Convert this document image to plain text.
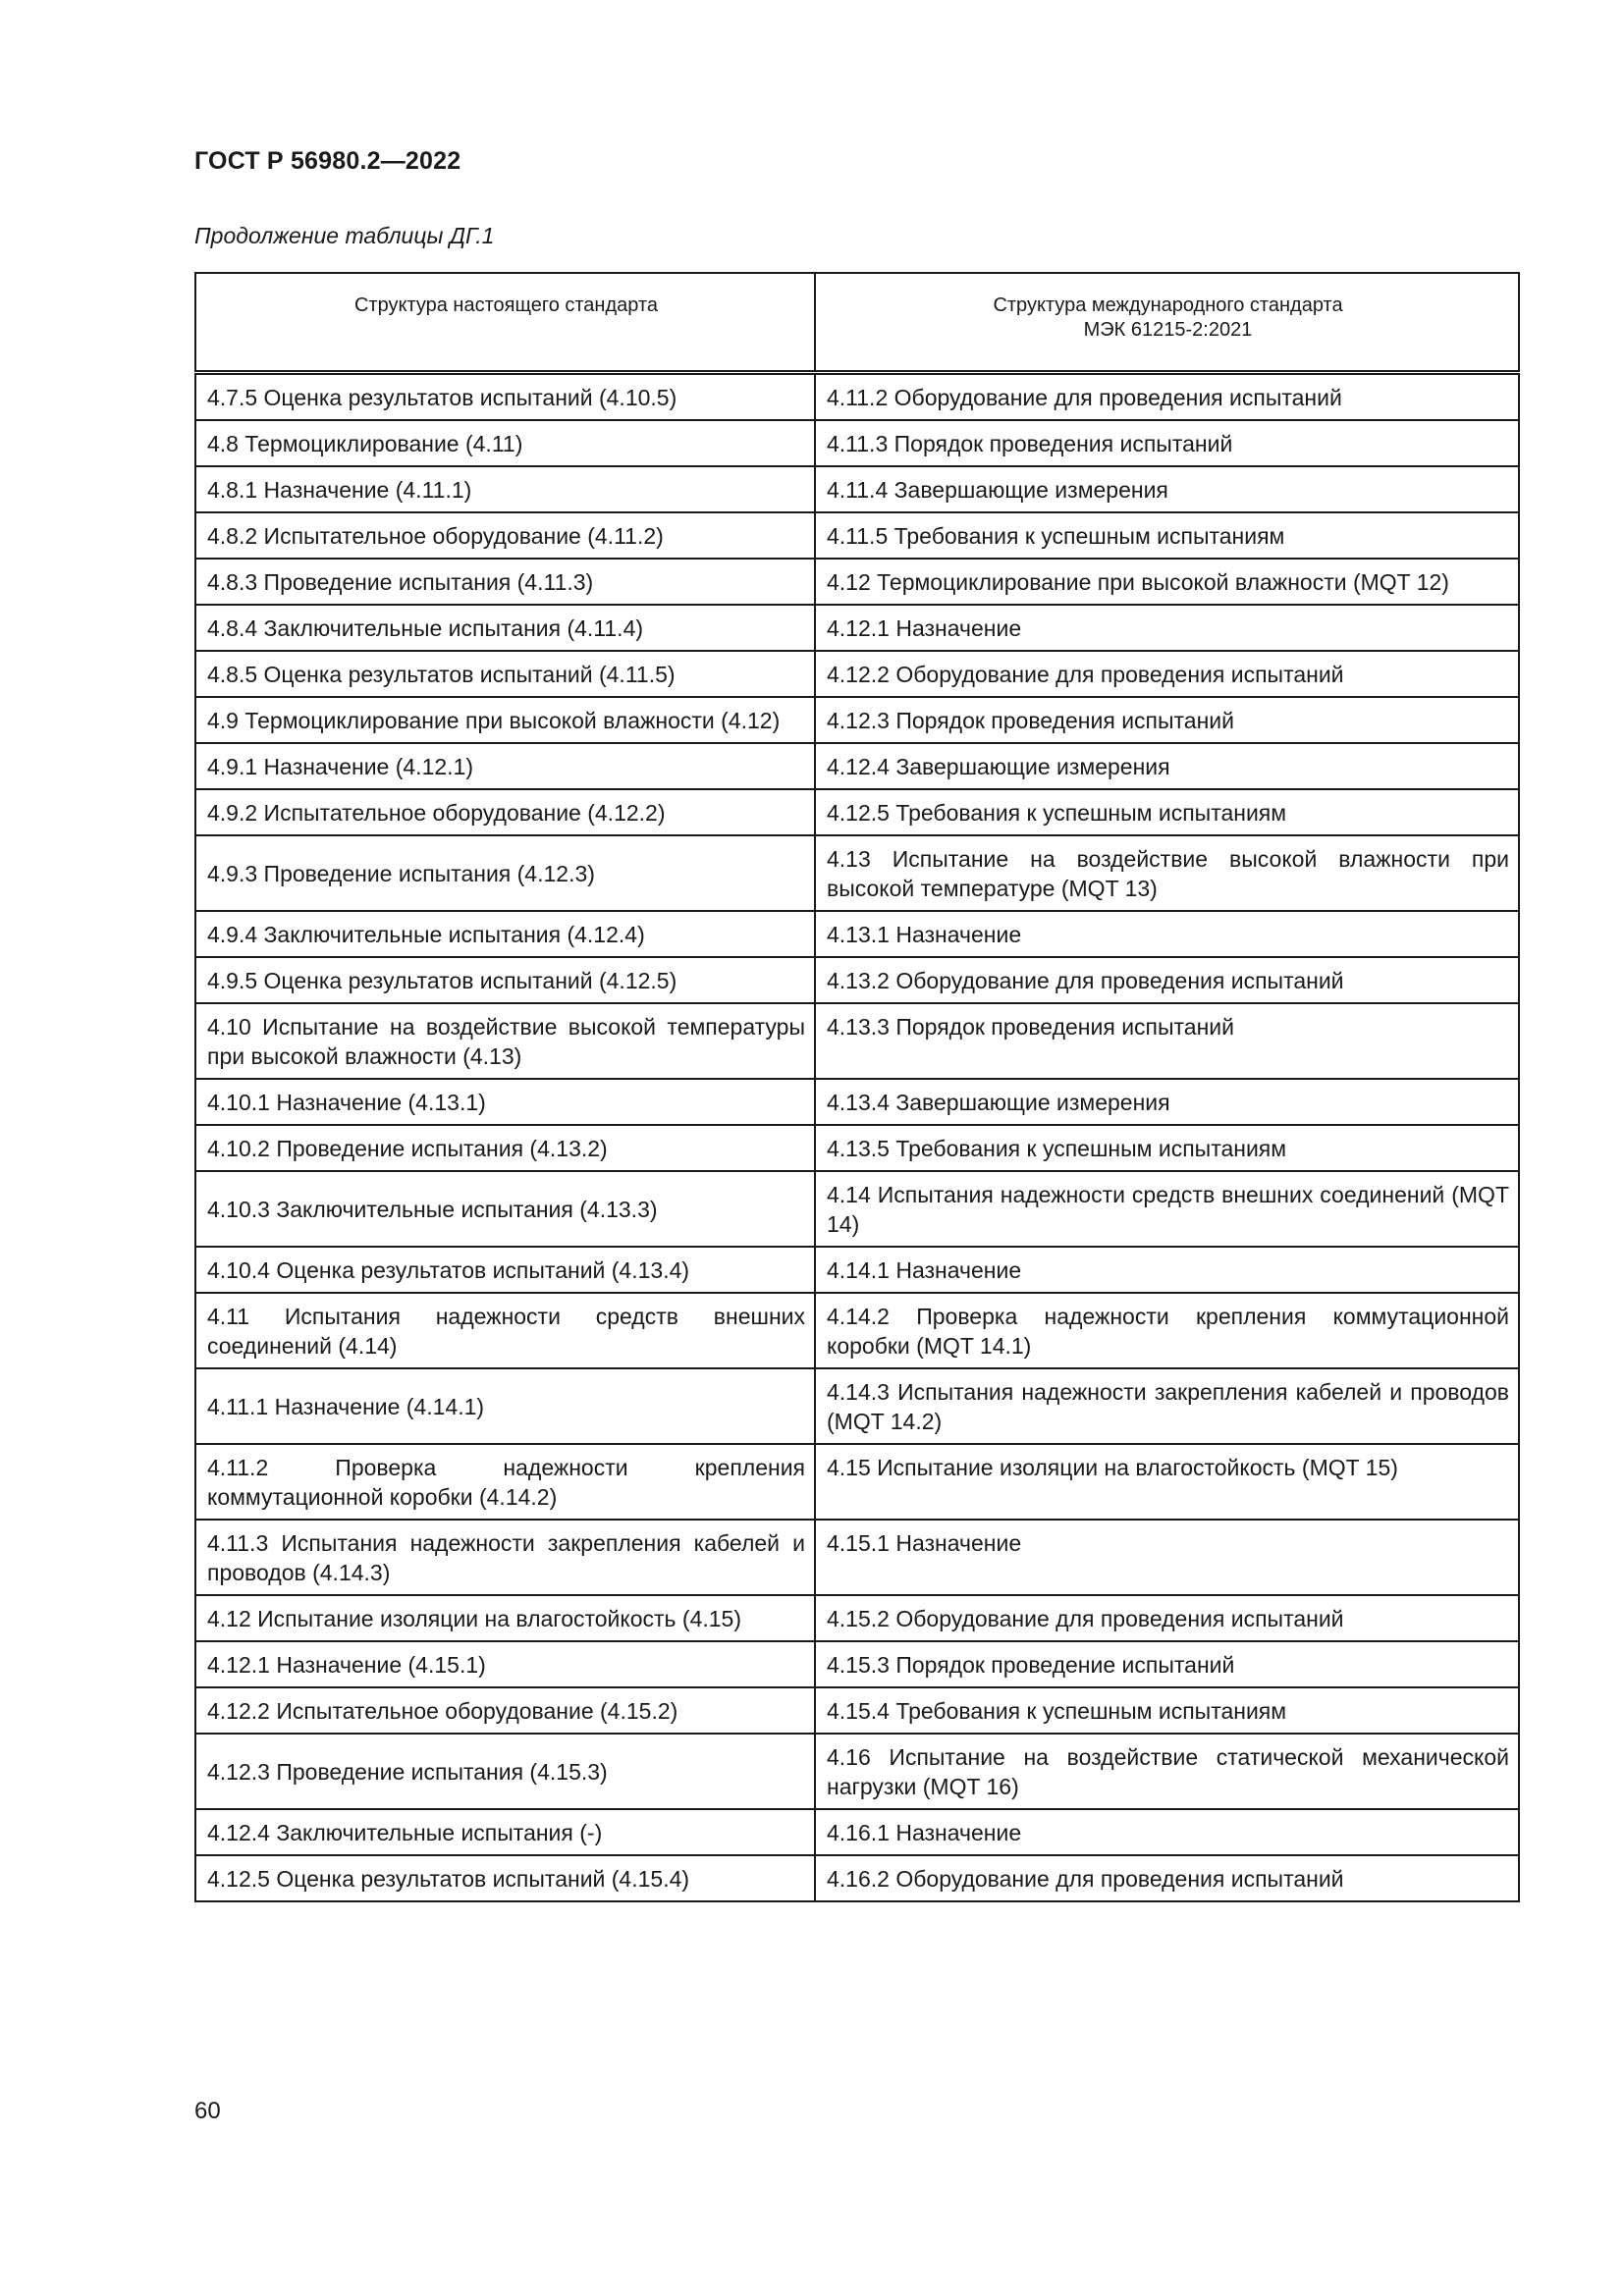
ГОСТ Р 56980.2—2022
Продолжение таблицы ДГ.1
Структура настоящего стандарта	Структура международного стандарта
МЭК 61215-2:2021
4.7.5 Оценка результатов испытаний (4.10.5)	4.11.2 Оборудование для проведения испытаний
4.8 Термоциклирование (4.11)	4.11.3 Порядок проведения испытаний
4.8.1 Назначение (4.11.1)	4.11.4 Завершающие измерения
4.8.2 Испытательное оборудование (4.11.2)	4.11.5 Требования к успешным испытаниям
4.8.3 Проведение испытания (4.11.3)	4.12 Термоциклирование при высокой влажности (MQT 12)
4.8.4 Заключительные испытания (4.11.4)	4.12.1 Назначение
4.8.5 Оценка результатов испытаний (4.11.5)	4.12.2 Оборудование для проведения испытаний
4.9 Термоциклирование при высокой влажности (4.12)	4.12.3 Порядок проведения испытаний
4.9.1 Назначение (4.12.1)	4.12.4 Завершающие измерения
4.9.2 Испытательное оборудование (4.12.2)	4.12.5 Требования к успешным испытаниям
4.9.3 Проведение испытания (4.12.3)	4.13 Испытание на воздействие высокой влажности при высокой температуре (MQT 13)
4.9.4 Заключительные испытания (4.12.4)	4.13.1 Назначение
4.9.5 Оценка результатов испытаний (4.12.5)	4.13.2 Оборудование для проведения испытаний
4.10 Испытание на воздействие высокой температуры при высокой влажности (4.13)	4.13.3 Порядок проведения испытаний
4.10.1 Назначение (4.13.1)	4.13.4 Завершающие измерения
4.10.2 Проведение испытания (4.13.2)	4.13.5 Требования к успешным испытаниям
4.10.3 Заключительные испытания (4.13.3)	4.14 Испытания надежности средств внешних соединений (MQT 14)
4.10.4 Оценка результатов испытаний (4.13.4)	4.14.1 Назначение
4.11 Испытания надежности средств внешних соединений (4.14)	4.14.2 Проверка надежности крепления коммутационной коробки (MQT 14.1)
4.11.1 Назначение (4.14.1)	4.14.3 Испытания надежности закрепления кабелей и проводов (MQT 14.2)
4.11.2 Проверка надежности крепления коммутационной коробки (4.14.2)	4.15 Испытание изоляции на влагостойкость (MQT 15)
4.11.3 Испытания надежности закрепления кабелей и проводов (4.14.3)	4.15.1 Назначение
4.12 Испытание изоляции на влагостойкость (4.15)	4.15.2 Оборудование для проведения испытаний
4.12.1 Назначение (4.15.1)	4.15.3 Порядок проведение испытаний
4.12.2 Испытательное оборудование (4.15.2)	4.15.4 Требования к успешным испытаниям
4.12.3 Проведение испытания (4.15.3)	4.16 Испытание на воздействие статической механической нагрузки (MQT 16)
4.12.4 Заключительные испытания (-)	4.16.1 Назначение
4.12.5 Оценка результатов испытаний (4.15.4)	4.16.2 Оборудование для проведения испытаний
60
